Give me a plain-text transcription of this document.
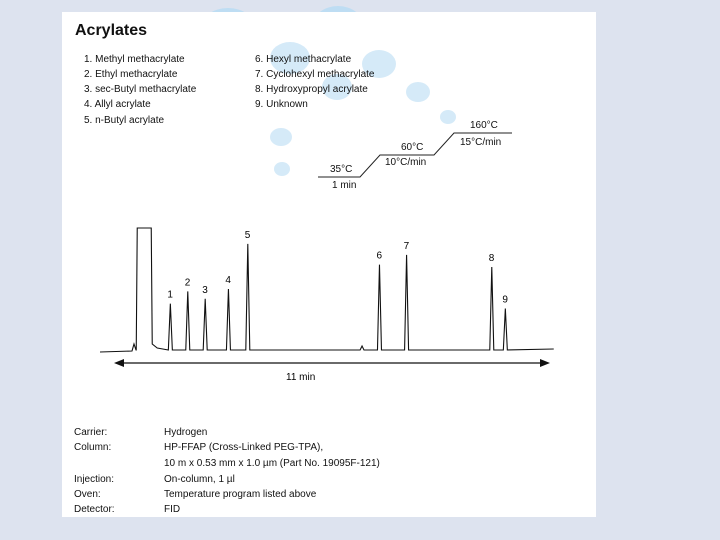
Acrylates
1. Methyl methacrylate
2. Ethyl methacrylate
3. sec-Butyl methacrylate
4. Allyl acrylate
5. n-Butyl acrylate
6. Hexyl methacrylate
7. Cyclohexyl methacrylate
8. Hydroxypropyl acrylate
9. Unknown
35°C
1 min
60°C
10°C/min
160°C
15°C/min
1
2
3
4
5
6
7
8
9
11 min
Carrier:	Hydrogen
Column:	HP-FFAP (Cross-Linked PEG-TPA),
10 m x 0.53 mm x 1.0 µm (Part No. 19095F-121)
Injection:	On-column, 1 µl
Oven:	Temperature program listed above
Detector:	FID
